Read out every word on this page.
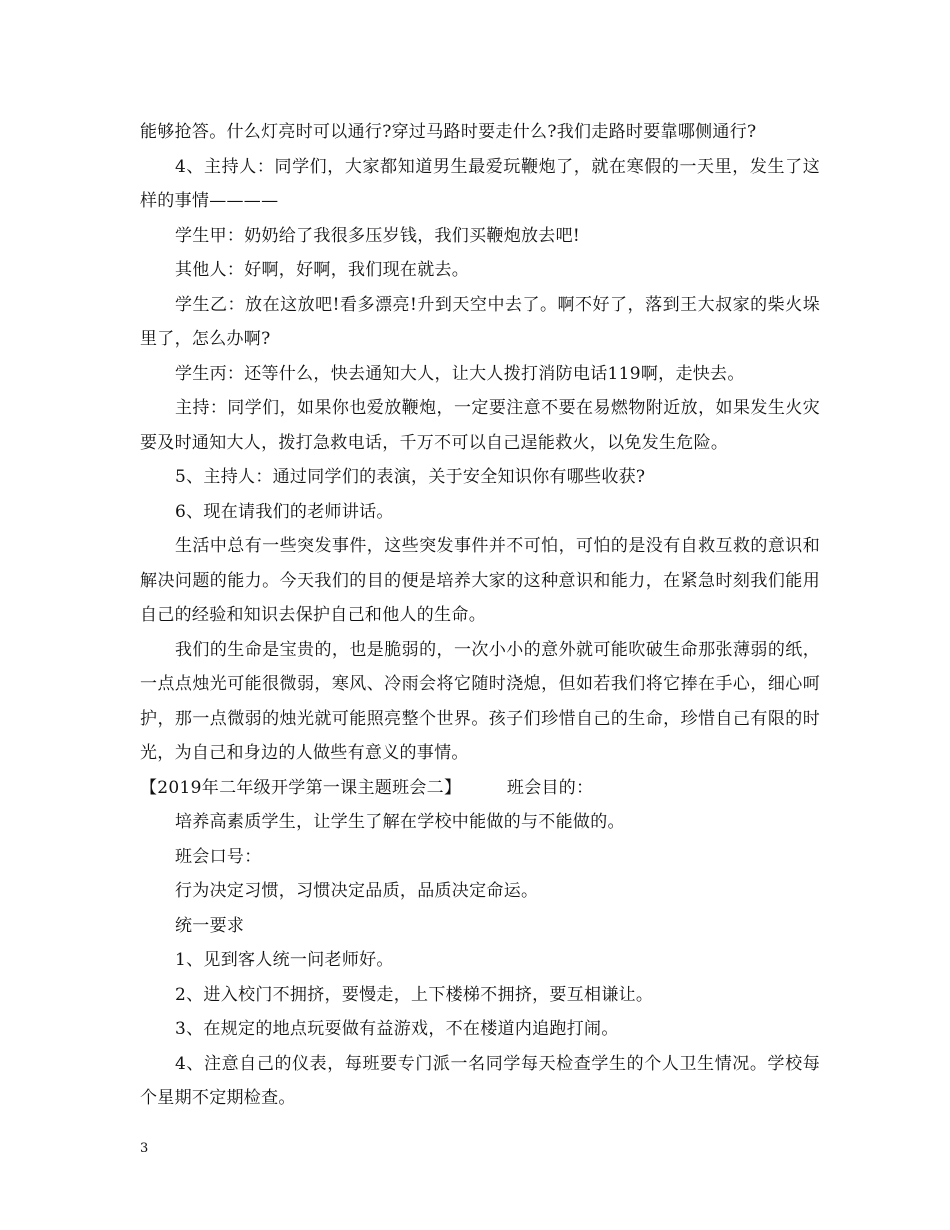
能够抢答。什么灯亮时可以通行?穿过马路时要走什么?我们走路时要靠哪侧通行?

4、主持人：同学们，大家都知道男生最爱玩鞭炮了，就在寒假的一天里，发生了这样的事情————

学生甲：奶奶给了我很多压岁钱，我们买鞭炮放去吧!

其他人：好啊，好啊，我们现在就去。

学生乙：放在这放吧!看多漂亮!升到天空中去了。啊不好了，落到王大叔家的柴火垛里了，怎么办啊?

学生丙：还等什么，快去通知大人，让大人拨打消防电话119啊，走快去。

主持：同学们，如果你也爱放鞭炮，一定要注意不要在易燃物附近放，如果发生火灾要及时通知大人，拨打急救电话，千万不可以自己逞能救火，以免发生危险。

5、主持人：通过同学们的表演，关于安全知识你有哪些收获?

6、现在请我们的老师讲话。

生活中总有一些突发事件，这些突发事件并不可怕，可怕的是没有自救互救的意识和解决问题的能力。今天我们的目的便是培养大家的这种意识和能力，在紧急时刻我们能用自己的经验和知识去保护自己和他人的生命。

我们的生命是宝贵的，也是脆弱的，一次小小的意外就可能吹破生命那张薄弱的纸，一点点烛光可能很微弱，寒风、冷雨会将它随时浇熄，但如若我们将它捧在手心，细心呵护，那一点微弱的烛光就可能照亮整个世界。孩子们珍惜自己的生命，珍惜自己有限的时光，为自己和身边的人做些有意义的事情。

【2019年二年级开学第一课主题班会二】        班会目的：

培养高素质学生，让学生了解在学校中能做的与不能做的。

班会口号：

行为决定习惯，习惯决定品质，品质决定命运。

统一要求

1、见到客人统一问老师好。

2、进入校门不拥挤，要慢走，上下楼梯不拥挤，要互相谦让。

3、在规定的地点玩耍做有益游戏，不在楼道内追跑打闹。

4、注意自己的仪表，每班要专门派一名同学每天检查学生的个人卫生情况。学校每个星期不定期检查。

3
